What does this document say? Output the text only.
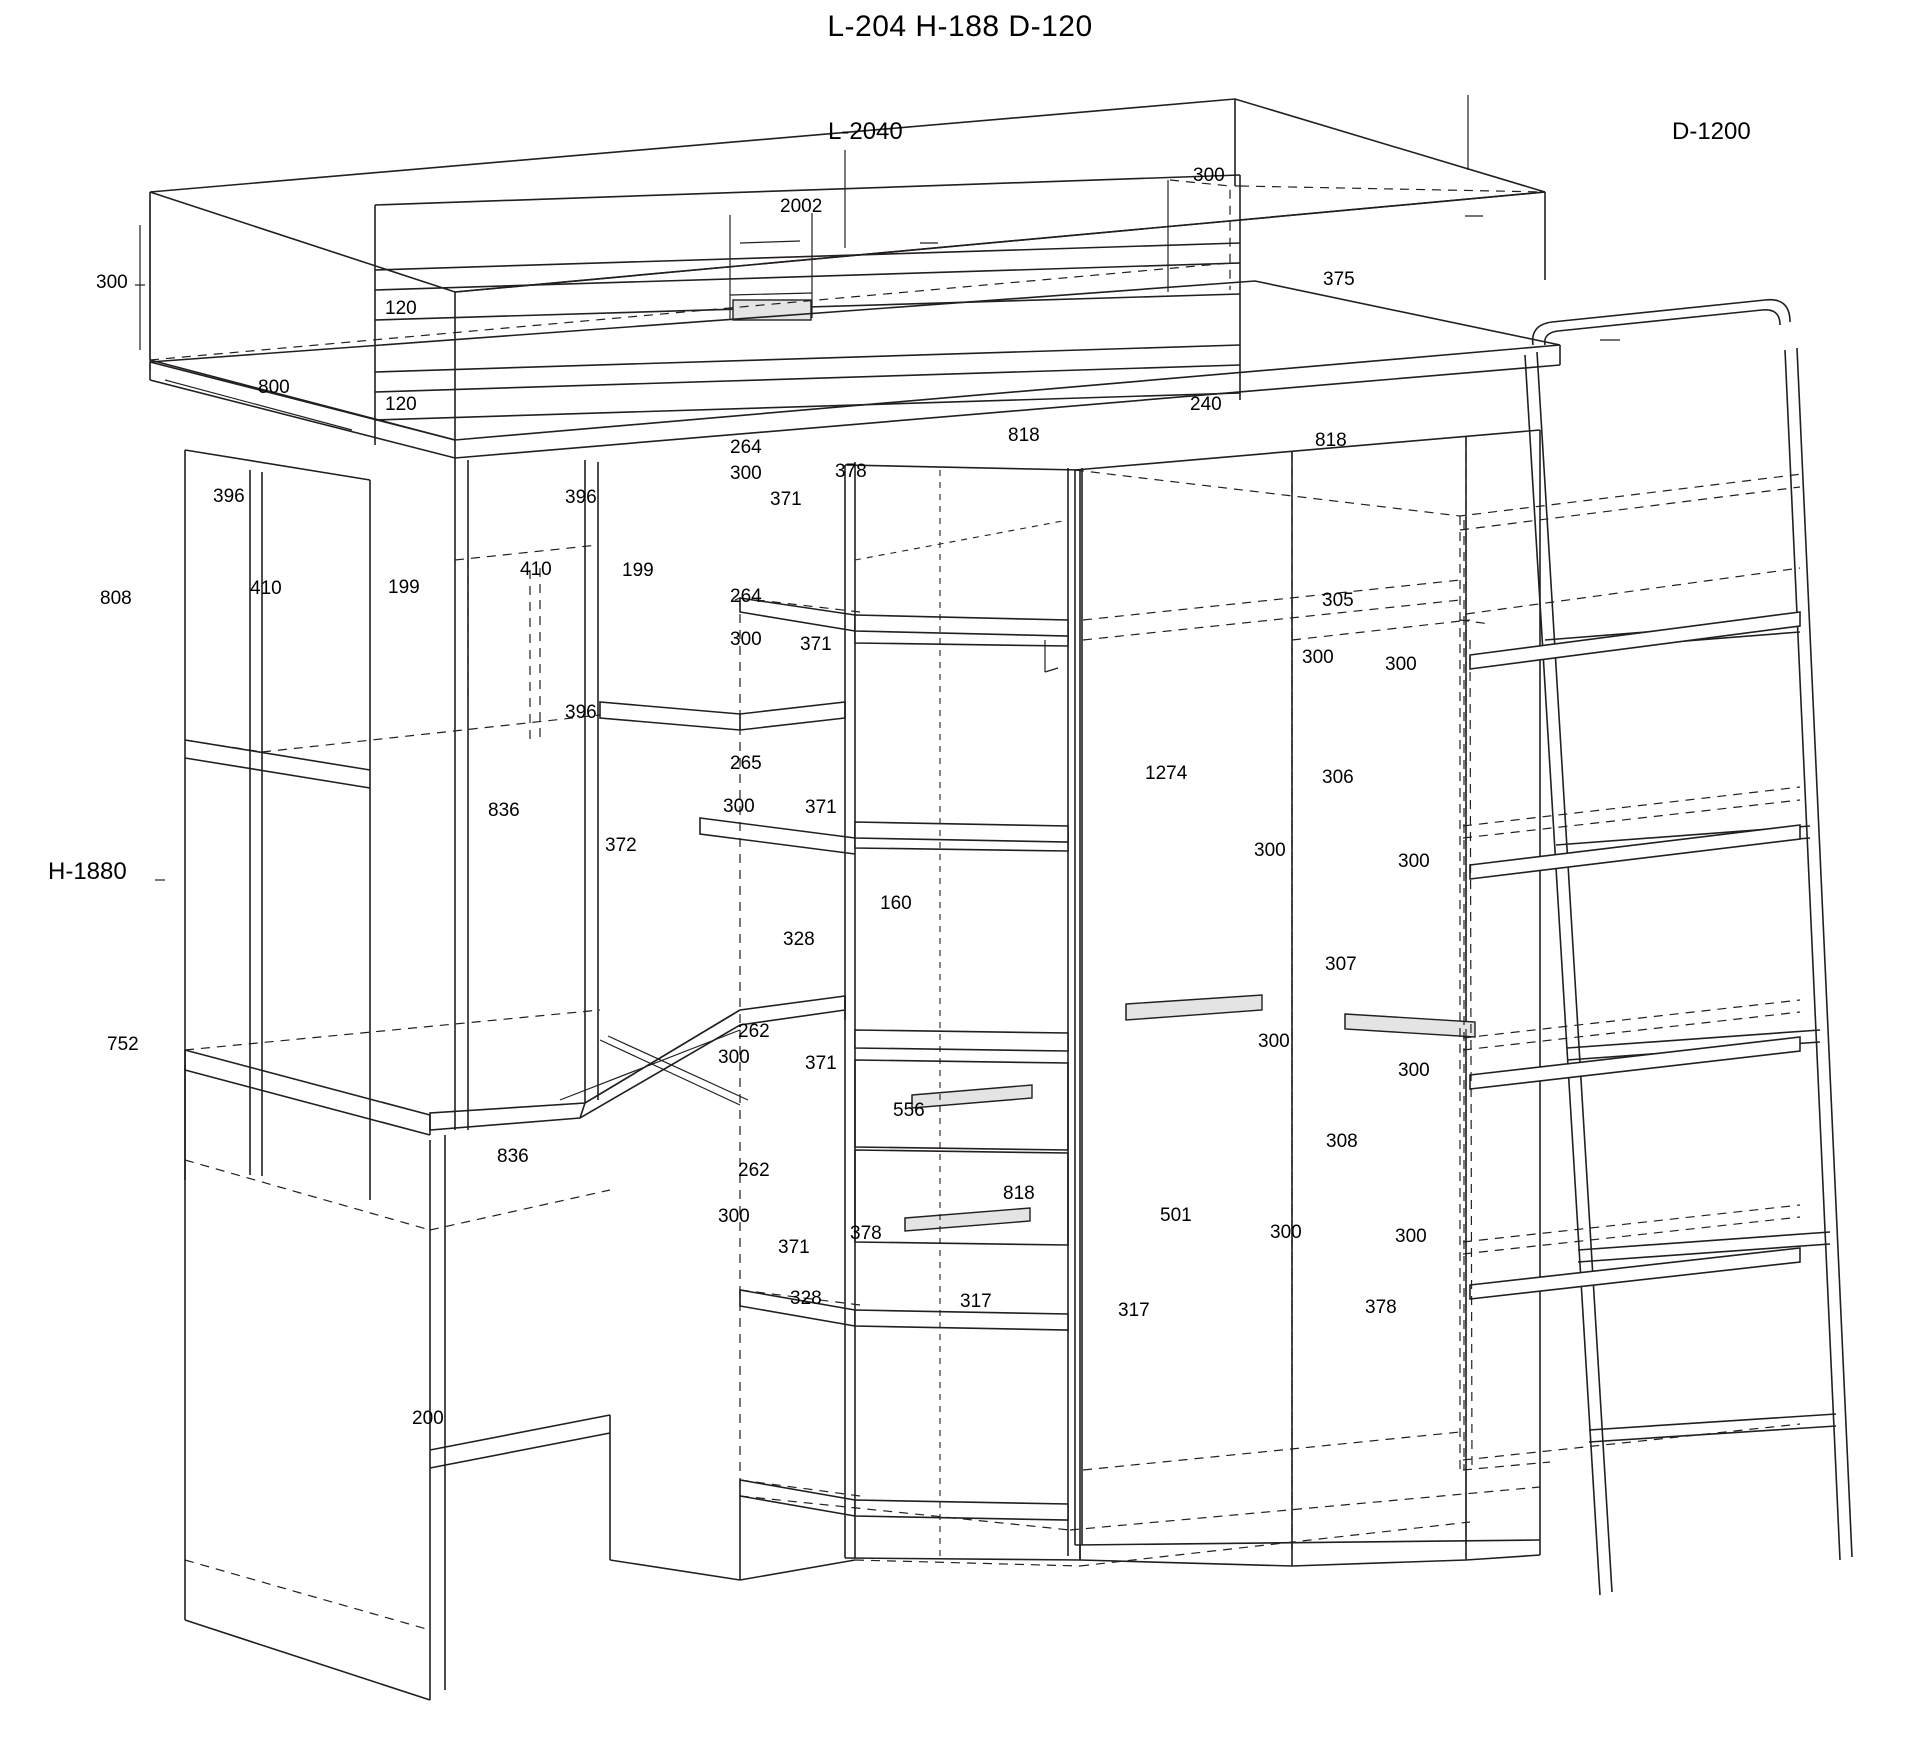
L-204 H-188 D-120
L-2040	D-1200
H-1880
2002
300
300
120
375
800
120	240
818	818
264
300	378
396	396	371
410	199
410	199
808	264	305
300 371
300	300
396
265
306
1274
836	300	371
372	300
300
160
328
307
262
752
300	371
300
300
556
836
308
262
818
300	501
300	300
371
378
328	317	317	378
200
